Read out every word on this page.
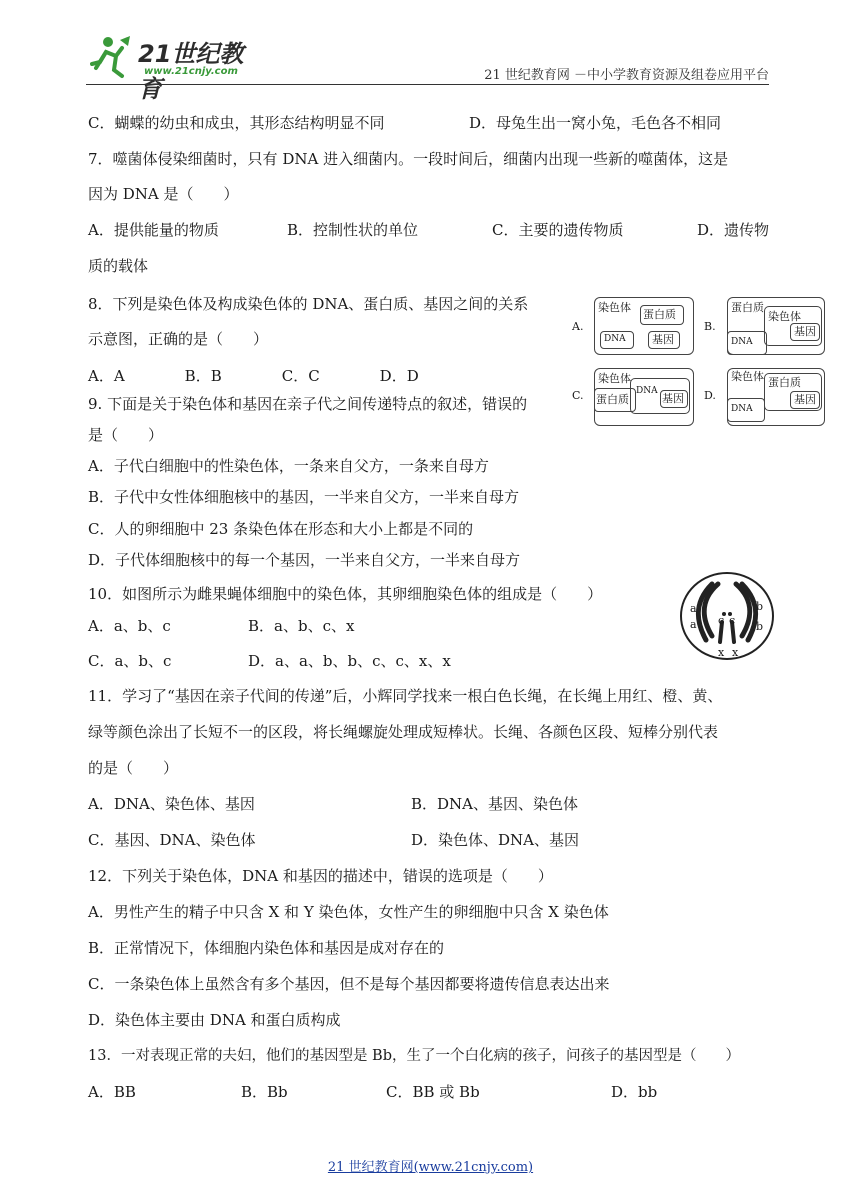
21世纪教育
www.21cnjy.com	21 世纪教育网 －中小学教育资源及组卷应用平台
C．蝴蝶的幼虫和成虫，其形态结构明显不同	D．母兔生出一窝小兔，毛色各不相同
7．噬菌体侵染细菌时，只有 DNA 进入细菌内。一段时间后，细菌内出现一些新的噬菌体，这是
因为 DNA 是（　　）
A．提供能量的物质	B．控制性状的单位	C．主要的遗传物质	D．遗传物
质的载体
8．下列是染色体及构成染色体的 DNA、蛋白质、基因之间的关系
示意图，正确的是（　　）
A．A　　　　B．B　　　　C．C　　　　D．D
A.
染色体
蛋白质
DNA 基因
B.
蛋白质
染色体
基因
DNA
C.
染色体
DNA
蛋白质	基因 D.
染色体 蛋白质
基因
DNA
9. 下面是关于染色体和基因在亲子代之间传递特点的叙述，错误的
是（　　）
A．子代白细胞中的性染色体，一条来自父方，一条来自母方
B．子代中女性体细胞核中的基因，一半来自父方，一半来自母方
C．人的卵细胞中 23 条染色体在形态和大小上都是不同的
D．子代体细胞核中的每一个基因，一半来自父方，一半来自母方
10．如图所示为雌果蝇体细胞中的染色体，其卵细胞染色体的组成是（　　）
A．a、b、c	B．a、b、c、x
C．a、b、c	D．a、a、b、b、c、c、x、x
a
a
b
b
c c
x x
11．学习了“基因在亲子代间的传递”后，小辉同学找来一根白色长绳，在长绳上用红、橙、黄、
绿等颜色涂出了长短不一的区段，将长绳螺旋处理成短棒状。长绳、各颜色区段、短棒分别代表
的是（　　）
A．DNA、染色体、基因	B．DNA、基因、染色体
C．基因、DNA、染色体	D．染色体、DNA、基因
12．下列关于染色体，DNA 和基因的描述中，错误的选项是（　　）
A．男性产生的精子中只含 X 和 Y 染色体，女性产生的卵细胞中只含 X 染色体
B．正常情况下，体细胞内染色体和基因是成对存在的
C．一条染色体上虽然含有多个基因，但不是每个基因都要将遗传信息表达出来
D．染色体主要由 DNA 和蛋白质构成
13．一对表现正常的夫妇，他们的基因型是 Bb，生了一个白化病的孩子，问孩子的基因型是（　　）
A．BB	B．Bb	C．BB 或 Bb	D．bb
21 世纪教育网(www.21cnjy.com)
